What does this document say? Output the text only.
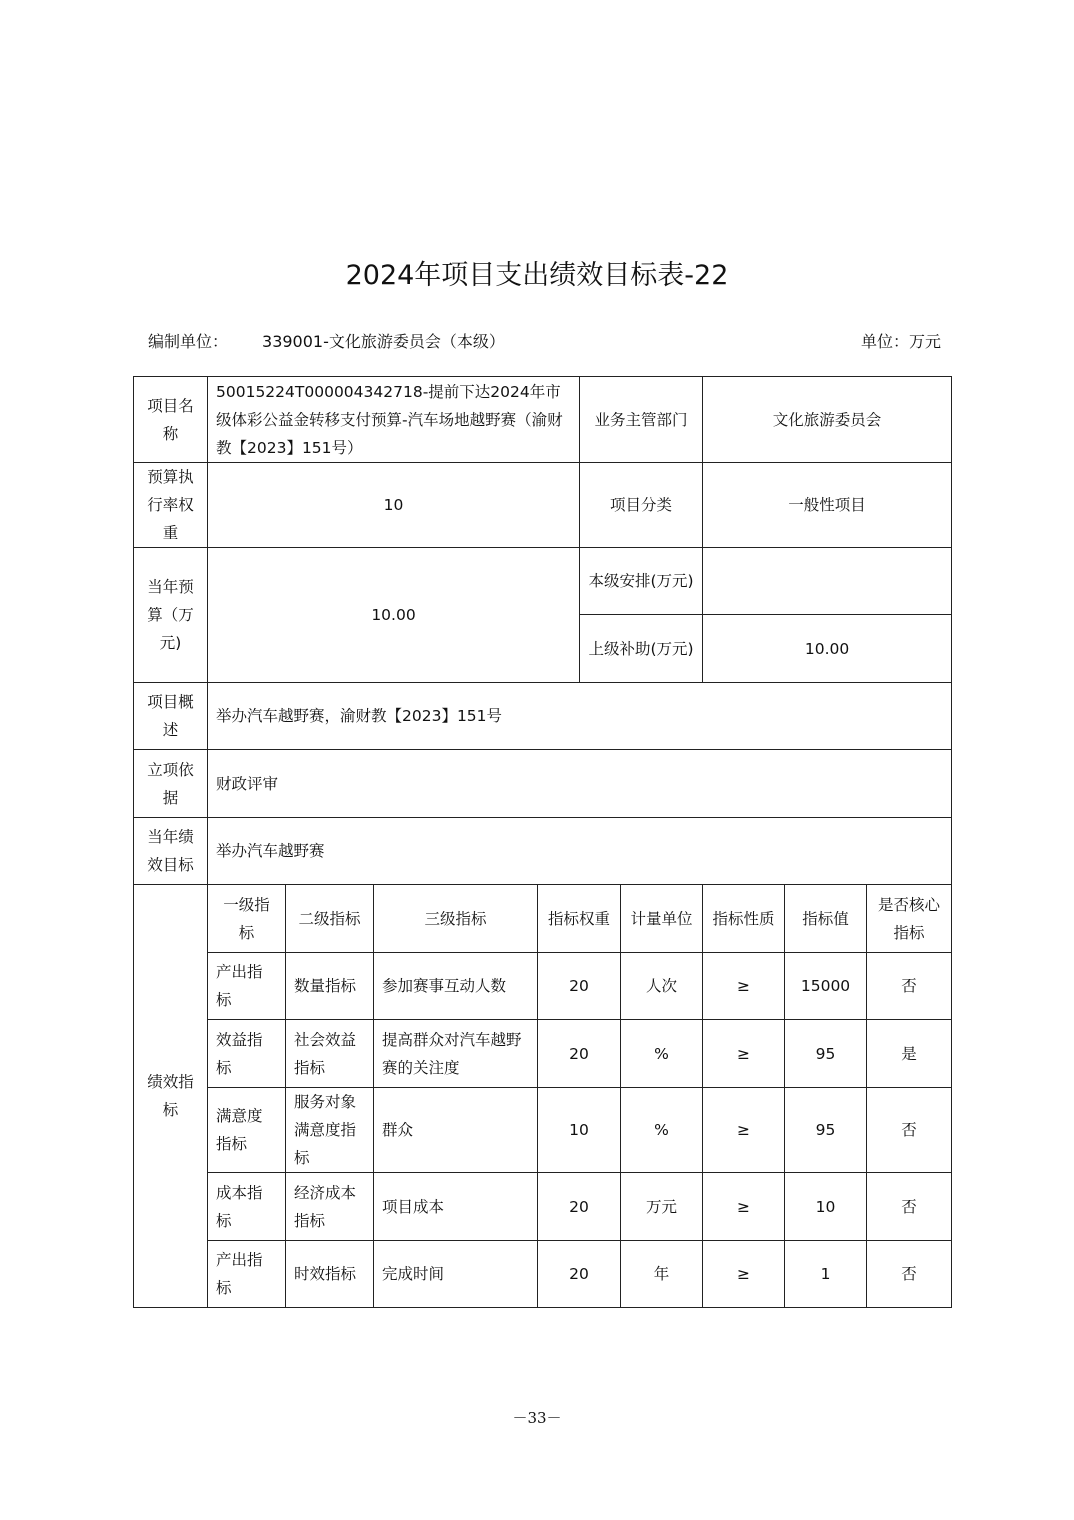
2024年项目支出绩效目标表-22
编制单位： 339001-文化旅游委员会（本级）	单位：万元
项目名称	50015224T000004342718-提前下达2024年市级体彩公益金转移支付预算-汽车场地越野赛（渝财教【2023】151号）				业务主管部门		文化旅游委员会		
预算执行率权重	10				项目分类		一般性项目		
当年预算（万元)	10.00				本级安排(万元)				
					上级补助(万元)		10.00		
项目概述	举办汽车越野赛，渝财教【2023】151号								
立项依据	财政评审								
当年绩效目标	举办汽车越野赛								
绩效指标	一级指标	二级指标	三级指标	指标权重		计量单位	指标性质	指标值	是否核心指标
	产出指标	数量指标	参加赛事互动人数	20		人次	≥	15000	否
	效益指标	社会效益指标	提高群众对汽车越野赛的关注度	20		%	≥	95	是
	满意度指标	服务对象满意度指标	群众	10		%	≥	95	否
	成本指标	经济成本指标	项目成本	20		万元	≥	10	否
	产出指标	时效指标	完成时间	20		年	≥	1	否
－33－
